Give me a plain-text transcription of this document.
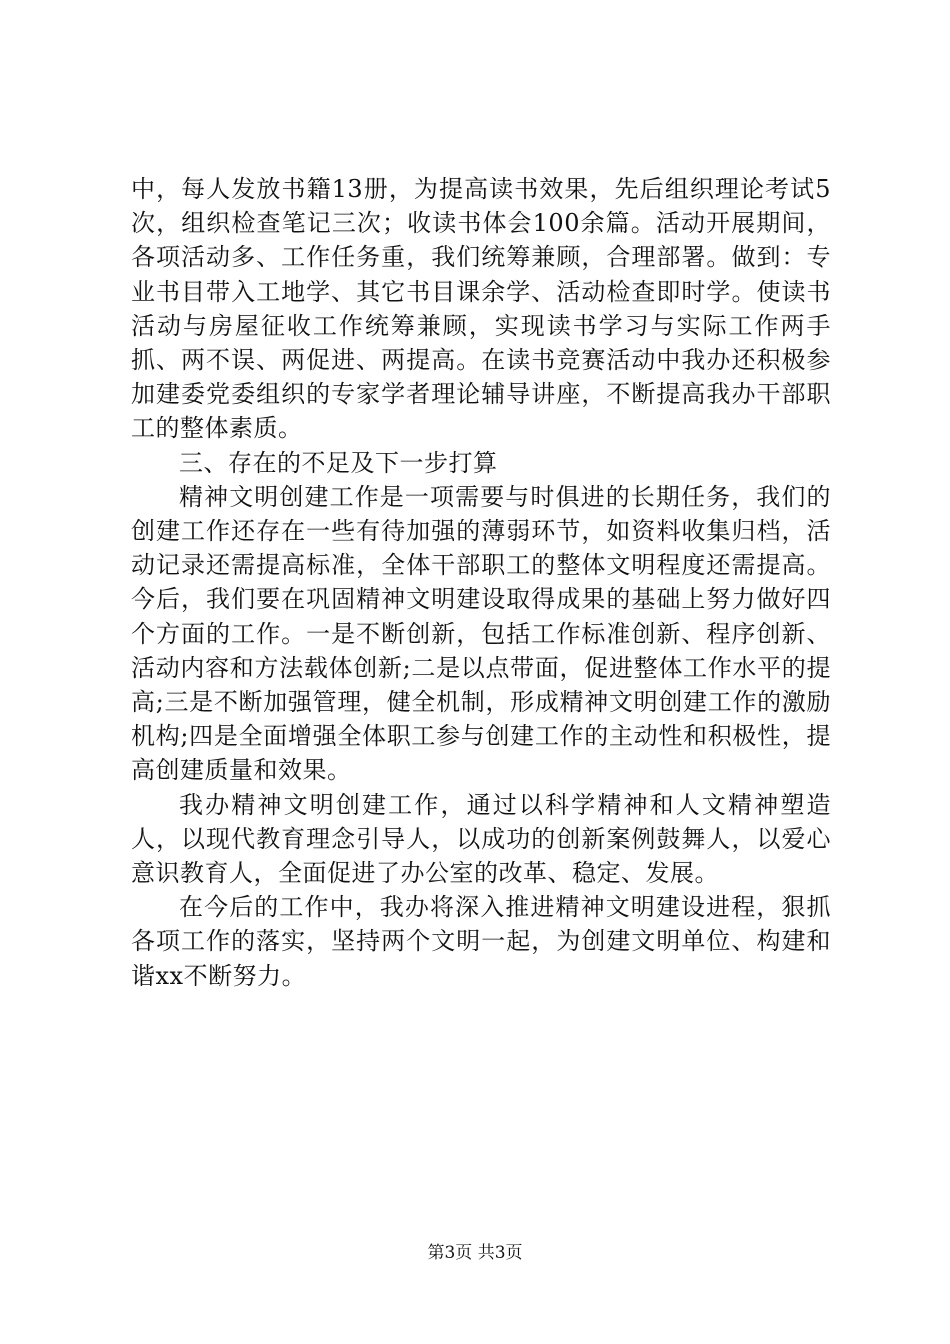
中，每人发放书籍13册，为提高读书效果，先后组织理论考试5次，组织检查笔记三次；收读书体会100余篇。活动开展期间，各项活动多、工作任务重，我们统筹兼顾，合理部署。做到：专业书目带入工地学、其它书目课余学、活动检查即时学。使读书活动与房屋征收工作统筹兼顾，实现读书学习与实际工作两手抓、两不误、两促进、两提高。在读书竞赛活动中我办还积极参加建委党委组织的专家学者理论辅导讲座，不断提高我办干部职工的整体素质。

三、存在的不足及下一步打算

精神文明创建工作是一项需要与时俱进的长期任务，我们的创建工作还存在一些有待加强的薄弱环节，如资料收集归档，活动记录还需提高标准，全体干部职工的整体文明程度还需提高。今后，我们要在巩固精神文明建设取得成果的基础上努力做好四个方面的工作。一是不断创新，包括工作标准创新、程序创新、活动内容和方法载体创新;二是以点带面，促进整体工作水平的提高;三是不断加强管理，健全机制，形成精神文明创建工作的激励机构;四是全面增强全体职工参与创建工作的主动性和积极性，提高创建质量和效果。

我办精神文明创建工作，通过以科学精神和人文精神塑造人，以现代教育理念引导人，以成功的创新案例鼓舞人，以爱心意识教育人，全面促进了办公室的改革、稳定、发展。

在今后的工作中，我办将深入推进精神文明建设进程，狠抓各项工作的落实，坚持两个文明一起，为创建文明单位、构建和谐xx不断努力。

第3页 共3页
